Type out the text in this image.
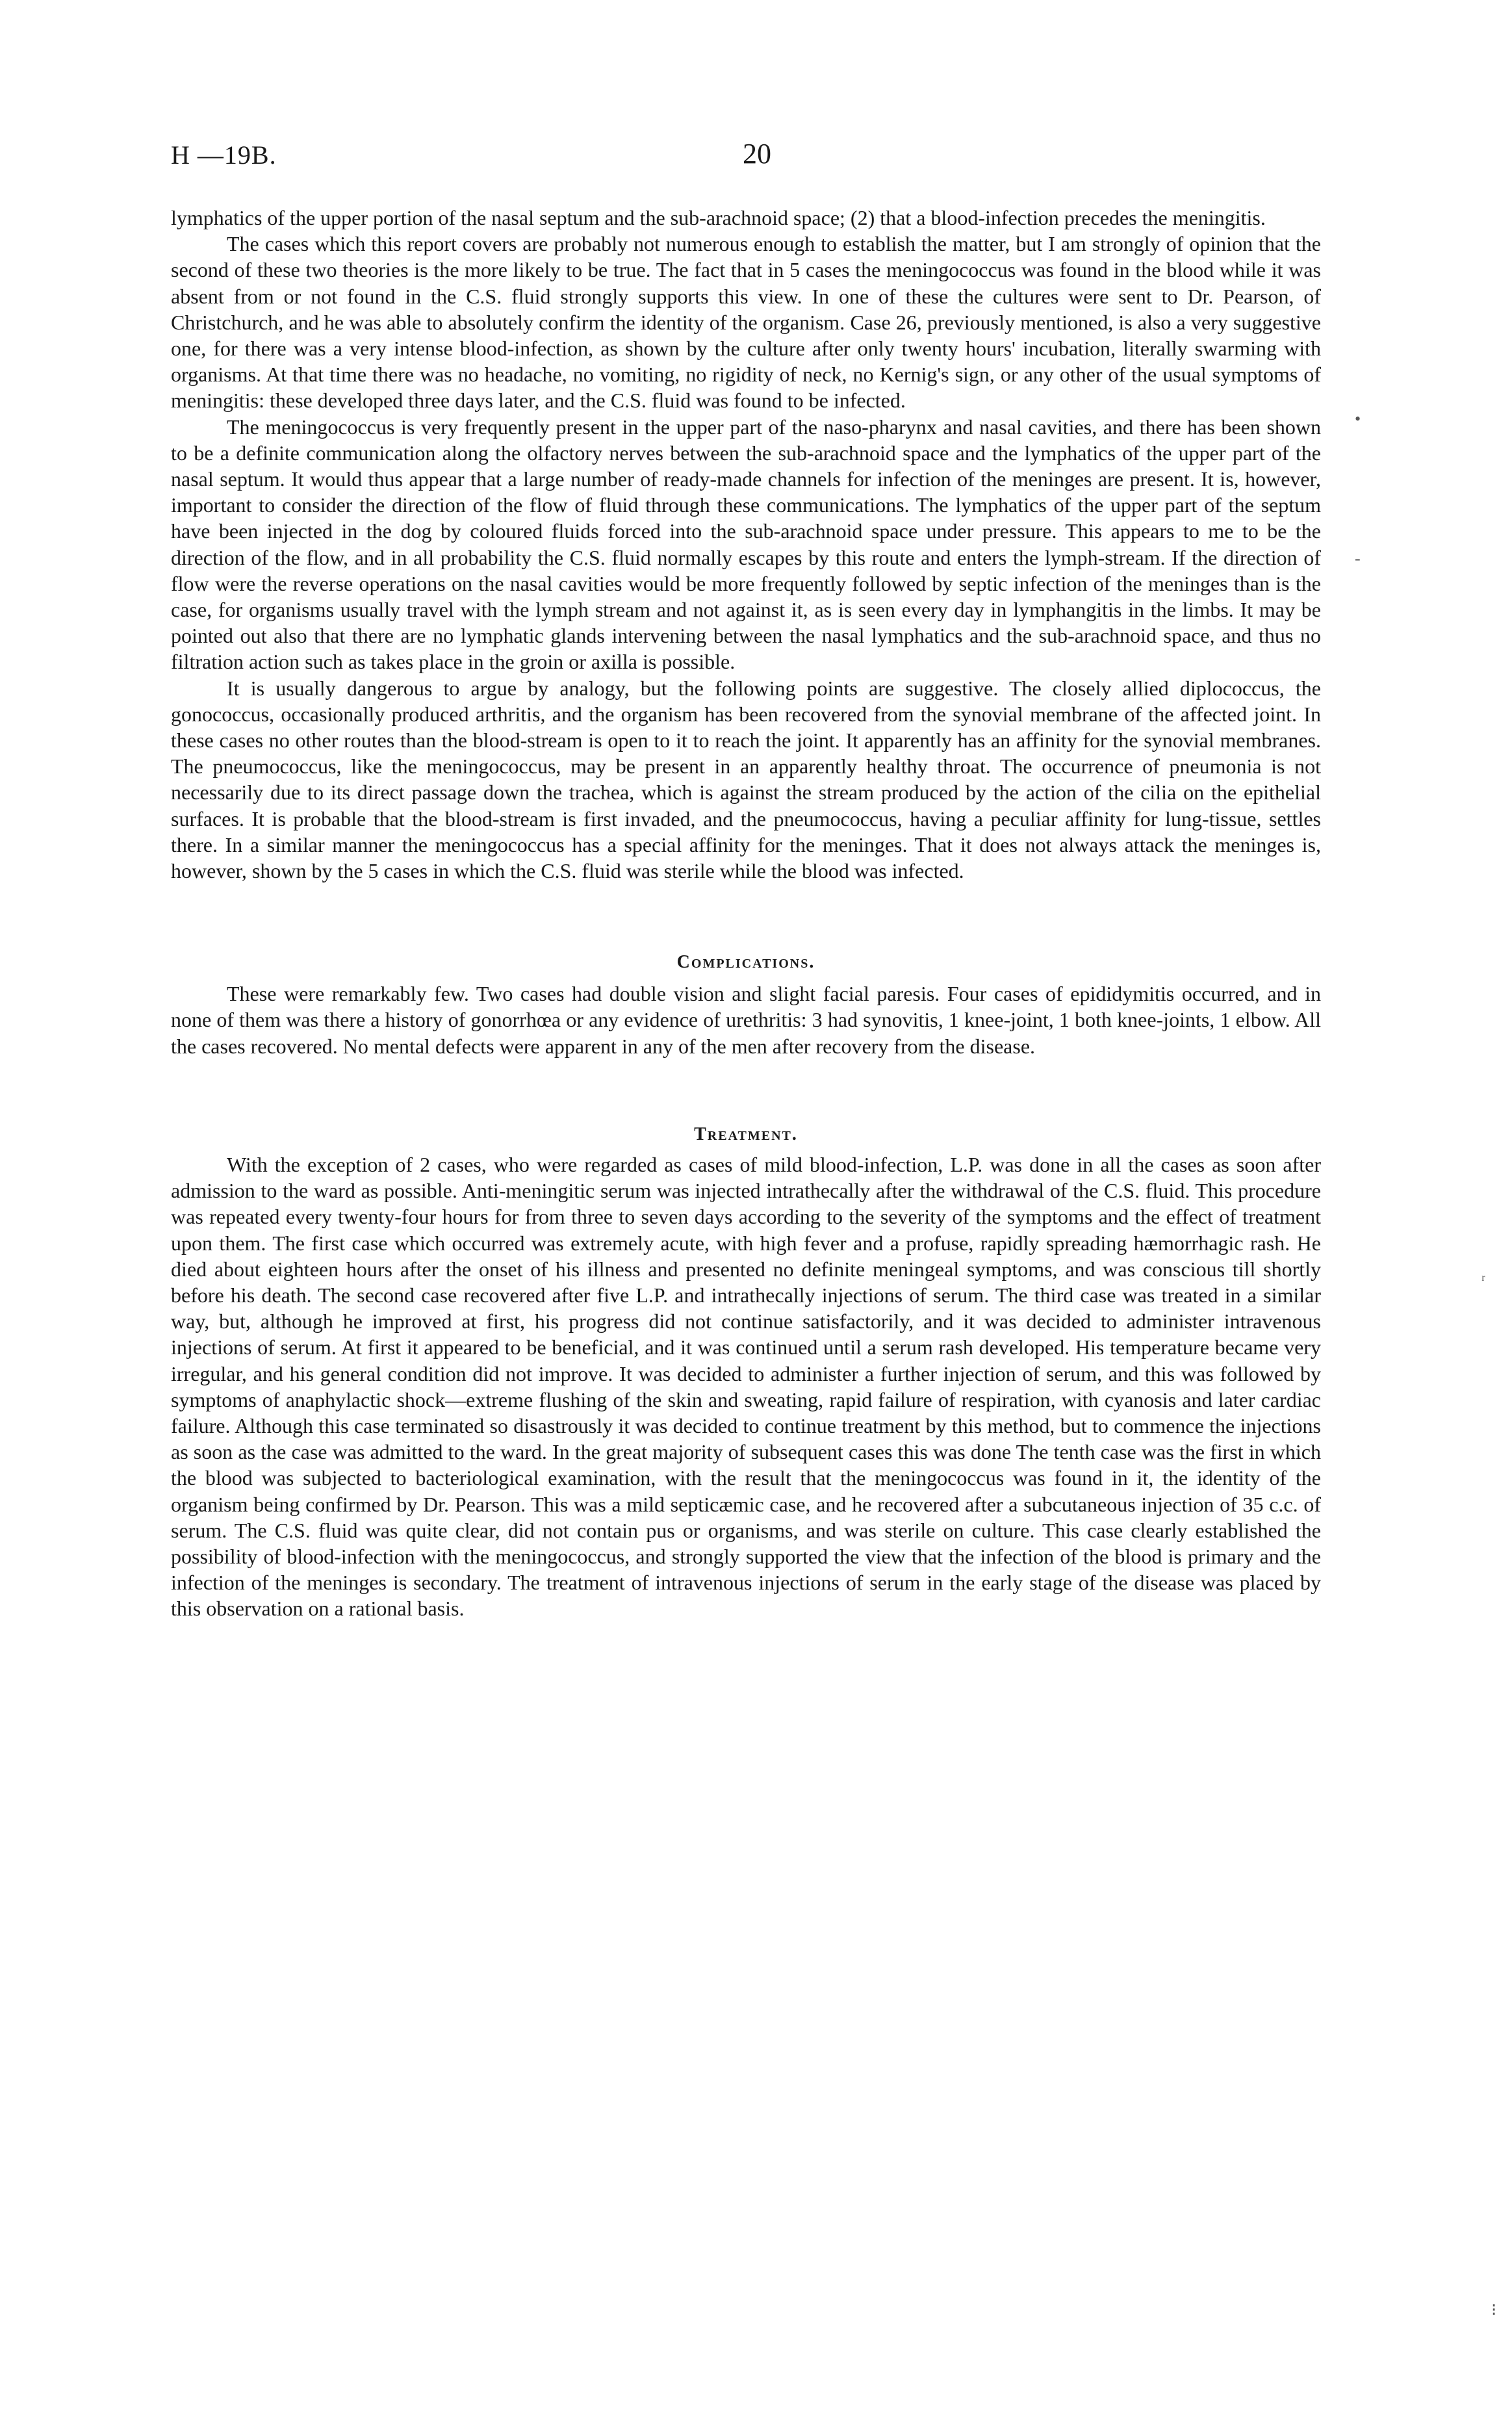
H —19B.	20

lymphatics of the upper portion of the nasal septum and the sub-arachnoid space; (2) that a blood-infection precedes the meningitis.

The cases which this report covers are probably not numerous enough to establish the matter, but I am strongly of opinion that the second of these two theories is the more likely to be true. The fact that in 5 cases the meningococcus was found in the blood while it was absent from or not found in the C.S. fluid strongly supports this view. In one of these the cultures were sent to Dr. Pearson, of Christchurch, and he was able to absolutely confirm the identity of the organism. Case 26, previously mentioned, is also a very suggestive one, for there was a very intense blood-infection, as shown by the culture after only twenty hours' incubation, literally swarming with organisms. At that time there was no headache, no vomiting, no rigidity of neck, no Kernig's sign, or any other of the usual symptoms of meningitis: these developed three days later, and the C.S. fluid was found to be infected.

The meningococcus is very frequently present in the upper part of the naso-pharynx and nasal cavities, and there has been shown to be a definite communication along the olfactory nerves between the sub-arachnoid space and the lymphatics of the upper part of the nasal septum. It would thus appear that a large number of ready-made channels for infection of the meninges are present. It is, however, important to consider the direction of the flow of fluid through these communications. The lymphatics of the upper part of the septum have been injected in the dog by coloured fluids forced into the sub-arachnoid space under pressure. This appears to me to be the direction of the flow, and in all probability the C.S. fluid normally escapes by this route and enters the lymph-stream. If the direction of flow were the reverse operations on the nasal cavities would be more frequently followed by septic infection of the meninges than is the case, for organisms usually travel with the lymph stream and not against it, as is seen every day in lymphangitis in the limbs. It may be pointed out also that there are no lymphatic glands intervening between the nasal lymphatics and the sub-arachnoid space, and thus no filtration action such as takes place in the groin or axilla is possible.

It is usually dangerous to argue by analogy, but the following points are suggestive. The closely allied diplococcus, the gonococcus, occasionally produced arthritis, and the organism has been recovered from the synovial membrane of the affected joint. In these cases no other routes than the blood-stream is open to it to reach the joint. It apparently has an affinity for the synovial membranes. The pneumococcus, like the meningococcus, may be present in an apparently healthy throat. The occurrence of pneumonia is not necessarily due to its direct passage down the trachea, which is against the stream produced by the action of the cilia on the epithelial surfaces. It is probable that the blood-stream is first invaded, and the pneumococcus, having a peculiar affinity for lung-tissue, settles there. In a similar manner the meningococcus has a special affinity for the meninges. That it does not always attack the meninges is, however, shown by the 5 cases in which the C.S. fluid was sterile while the blood was infected.

Complications.

These were remarkably few. Two cases had double vision and slight facial paresis. Four cases of epididymitis occurred, and in none of them was there a history of gonorrhœa or any evidence of urethritis: 3 had synovitis, 1 knee-joint, 1 both knee-joints, 1 elbow. All the cases recovered. No mental defects were apparent in any of the men after recovery from the disease.

Treatment.

With the exception of 2 cases, who were regarded as cases of mild blood-infection, L.P. was done in all the cases as soon after admission to the ward as possible. Anti-meningitic serum was injected intrathecally after the withdrawal of the C.S. fluid. This procedure was repeated every twenty-four hours for from three to seven days according to the severity of the symptoms and the effect of treatment upon them. The first case which occurred was extremely acute, with high fever and a profuse, rapidly spreading hæmorrhagic rash. He died about eighteen hours after the onset of his illness and presented no definite meningeal symptoms, and was conscious till shortly before his death. The second case recovered after five L.P. and intrathecally injections of serum. The third case was treated in a similar way, but, although he improved at first, his progress did not continue satisfactorily, and it was decided to administer intravenous injections of serum. At first it appeared to be beneficial, and it was continued until a serum rash developed. His temperature became very irregular, and his general condition did not improve. It was decided to administer a further injection of serum, and this was followed by symptoms of anaphylactic shock—extreme flushing of the skin and sweating, rapid failure of respiration, with cyanosis and later cardiac failure. Although this case terminated so disastrously it was decided to continue treatment by this method, but to commence the injections as soon as the case was admitted to the ward. In the great majority of subsequent cases this was done The tenth case was the first in which the blood was subjected to bacteriological examination, with the result that the meningococcus was found in it, the identity of the organism being confirmed by Dr. Pearson. This was a mild septicæmic case, and he recovered after a subcutaneous injection of 35 c.c. of serum. The C.S. fluid was quite clear, did not contain pus or organisms, and was sterile on culture. This case clearly established the possibility of blood-infection with the meningococcus, and strongly supported the view that the infection of the blood is primary and the infection of the meninges is secondary. The treatment of intravenous injections of serum in the early stage of the disease was placed by this observation on a rational basis.

•
-
ʳ
⁝
